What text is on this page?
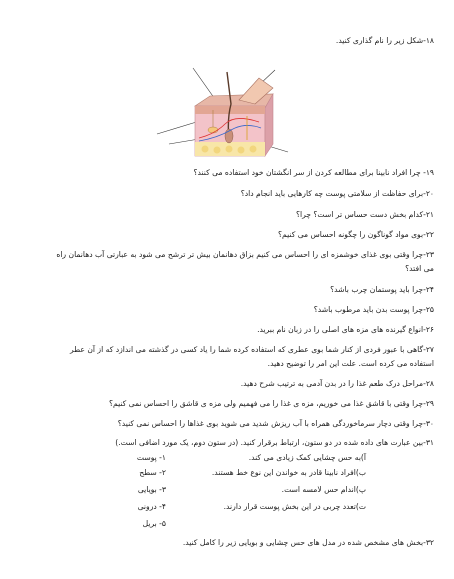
۱۸-شکل زیر را نام گذاری کنید.
۱۹- چرا افراد نابینا برای مطالعه کردن از سر انگشتان خود استفاده می کنند؟
۲۰-برای حفاظت از سلامتی پوست چه کارهایی باید انجام داد؟
۲۱-کدام بخش دست حساس تر است؟ چرا؟
۲۲-بوی مواد گوناگون را چگونه احساس می کنیم؟
۲۳-چرا وقتی بوی غذای خوشمزه ای را احساس می کنیم بزاق دهانمان بیش تر ترشح می شود به عبارتی آب دهانمان راه
می افتد؟
۲۴-چرا باید پوستمان چرب باشد؟
۲۵-چرا پوست بدن باید مرطوب باشد؟
۲۶-انواع گیرنده های مزه های اصلی را در زبان نام ببرید.
۲۷-گاهی با عبور فردی از کنار شما بوی عطری که استفاده کرده شما را یاد کسی در گذشته می اندازد که از آن عطر
استفاده می کرده است. علت این امر را توضیح دهید.
۲۸-مراحل درک طعم غذا را در بدن آدمی به ترتیب شرح دهید.
۲۹-چرا وقتی با قاشق غذا می خوریم، مزه ی غذا را می فهمیم ولی مزه ی قاشق را احساس نمی کنیم؟
۳۰-چرا وقتی دچار سرماخوردگی همراه با آب ریزش شدید می شوید بوی غذاها را احساس نمی کنید؟
۳۱-بین عبارت های داده شده در دو ستون، ارتباط برقرار کنید. (در ستون دوم، یک مورد اضافی است.)
آ)به حس چشایی کمک زیادی می کند.
ب)افراد نابینا قادر به خواندن این نوع خط هستند.
پ)اندام حس لامسه است.
ت)تعدد چربی در این بخش پوست قرار دارند.
۱- پوست
۲- سطح
۳- بویایی
۴- درونی
۵- بریل
۳۲-بخش های مشخص شده در مدل های حس چشایی و بویایی زیر را کامل کنید.
